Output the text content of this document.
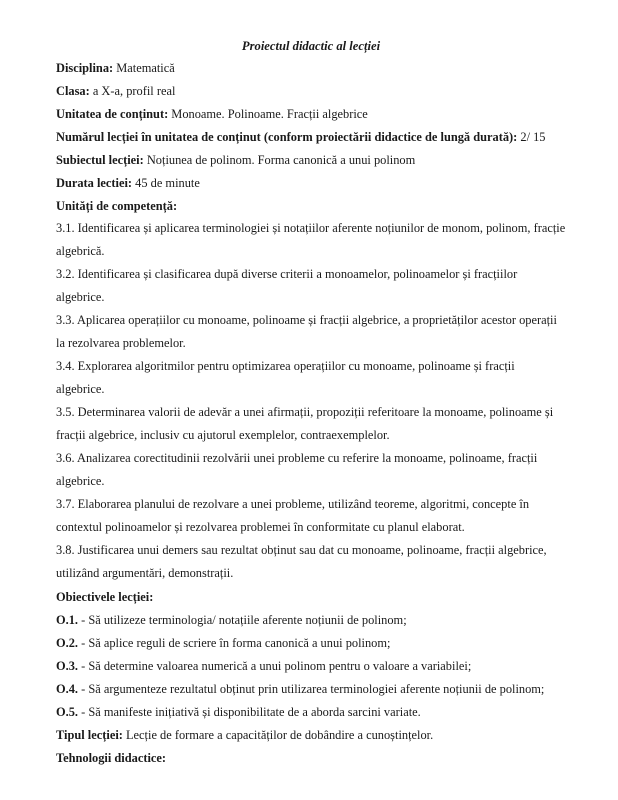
Proiectul didactic al lecției

Disciplina: Matematică

Clasa: a X-a, profil real

Unitatea de conținut: Monoame. Polinoame. Fracții algebrice

Numărul lecției în unitatea de conținut (conform proiectării didactice de lungă durată): 2/ 15

Subiectul lecției: Noțiunea de polinom. Forma canonică a unui polinom

Durata lectiei: 45 de minute

Unități de competență:

3.1. Identificarea și aplicarea terminologiei și notațiilor aferente noțiunilor de monom, polinom, fracție algebrică.

3.2. Identificarea și clasificarea după diverse criterii a monoamelor, polinoamelor și fracțiilor algebrice.

3.3. Aplicarea operațiilor cu monoame, polinoame și fracții algebrice, a proprietăților acestor operații la rezolvarea problemelor.

3.4. Explorarea algoritmilor pentru optimizarea operațiilor cu monoame, polinoame și fracții algebrice.

3.5. Determinarea valorii de adevăr a unei afirmații, propoziții referitoare la monoame, polinoame și fracții algebrice, inclusiv cu ajutorul exemplelor, contraexemplelor.

3.6. Analizarea corectitudinii rezolvării unei probleme cu referire la monoame, polinoame, fracții algebrice.

3.7. Elaborarea planului de rezolvare a unei probleme, utilizând teoreme, algoritmi, concepte în contextul polinoamelor și rezolvarea problemei în conformitate cu planul elaborat.

3.8. Justificarea unui demers sau rezultat obținut sau dat cu monoame, polinoame, fracții algebrice, utilizând argumentări, demonstrații.

Obiectivele lecției:

O.1. - Să utilizeze terminologia/ notațiile aferente noțiunii de polinom;

O.2. - Să aplice reguli de scriere în forma canonică a unui polinom;

O.3. - Să determine valoarea numerică a unui polinom pentru o valoare a variabilei;

O.4. - Să argumenteze rezultatul obținut prin utilizarea terminologiei aferente noțiunii de polinom;

O.5. - Să manifeste inițiativă și disponibilitate de a aborda sarcini variate.

Tipul lecției: Lecție de formare a capacităților de dobândire a cunoștințelor.

Tehnologii didactice:
